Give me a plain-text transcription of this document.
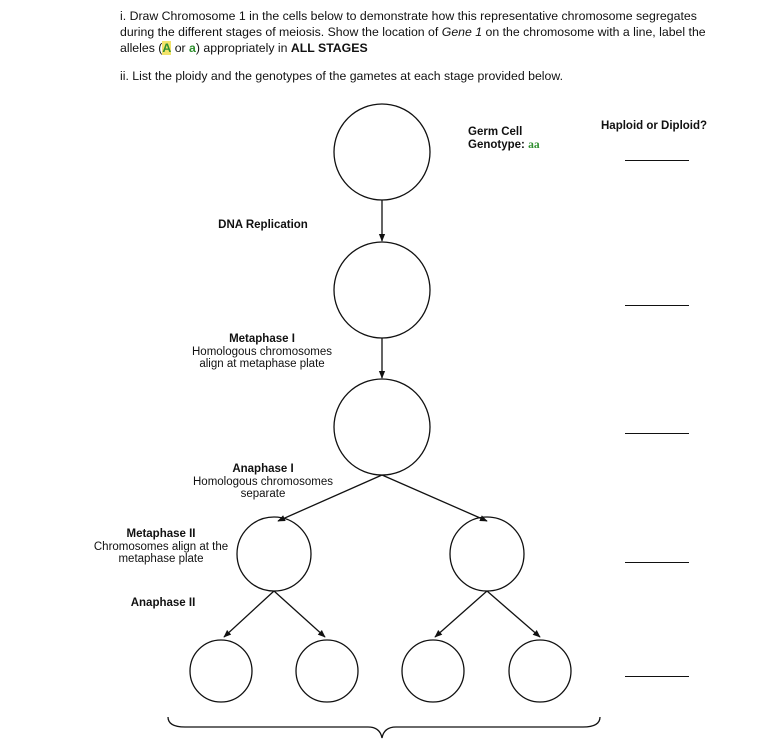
i. Draw Chromosome 1 in the cells below to demonstrate how this representative chromosome segregates during the different stages of meiosis. Show the location of Gene 1 on the chromosome with a line, label the alleles (A or a) appropriately in ALL STAGES

ii. List the ploidy and the genotypes of the gametes at each stage provided below.

Germ Cell
Genotype: aa
Haploid or Diploid?
DNA Replication
Metaphase I
Homologous chromosomes
align at metaphase plate
Anaphase I
Homologous chromosomes
separate
Metaphase II
Chromosomes align at the
metaphase plate
Anaphase II
